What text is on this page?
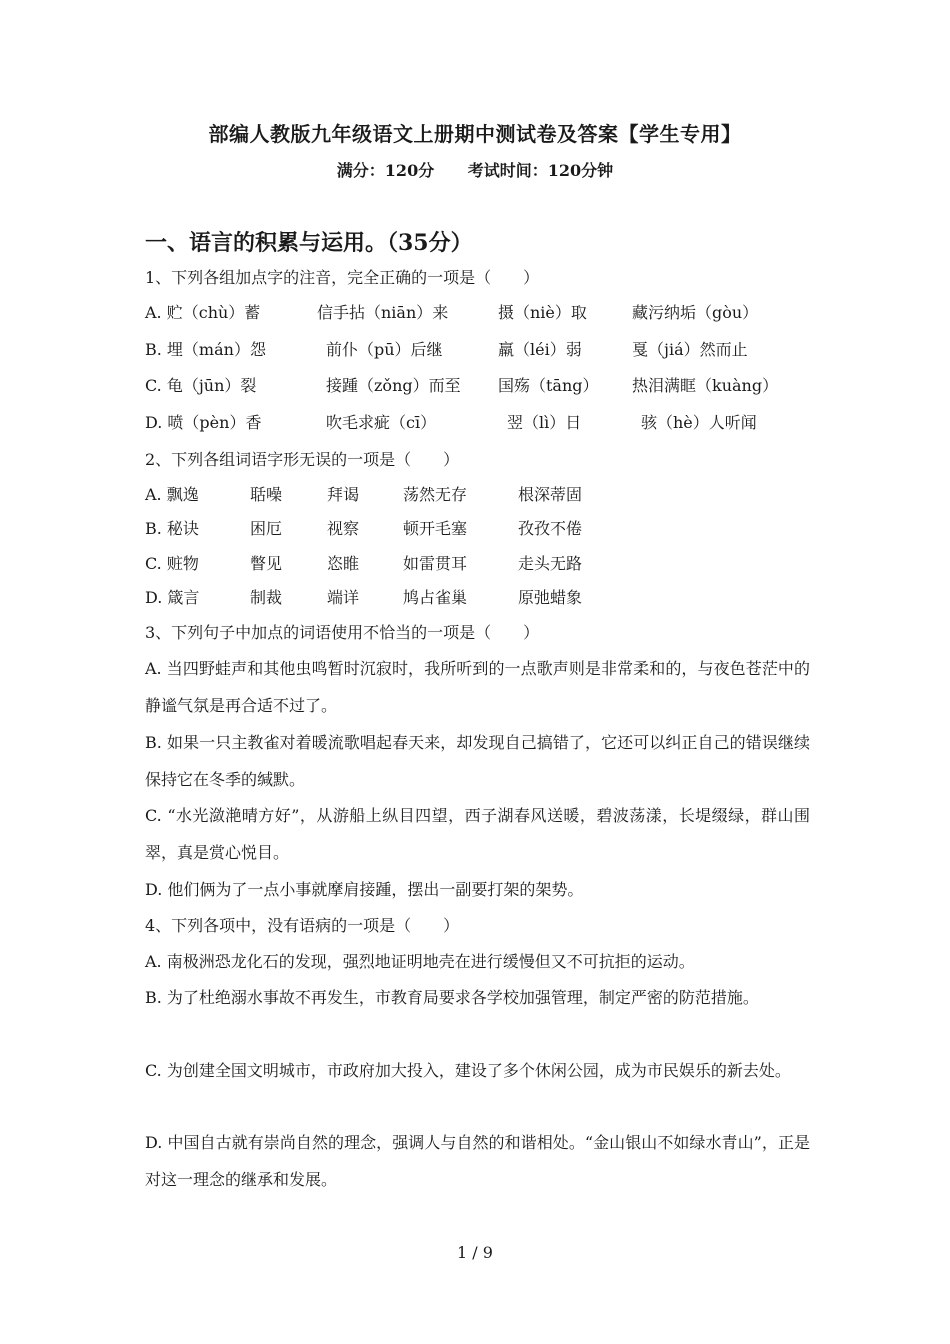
部编人教版九年级语文上册期中测试卷及答案【学生专用】
满分：120分 考试时间：120分钟
一、语言的积累与运用。（35分）
1、下列各组加点字的注音，完全正确的一项是（　　）
A. 贮（chù）蓄	信手拈（niān）来	摄（niè）取	藏污纳垢（gòu）
B. 埋（mán）怨	前仆（pū）后继	羸（léi）弱	戛（jiá）然而止
C. 龟（jūn）裂	接踵（zǒng）而至 国殇（tāng） 热泪满眶（kuàng）
D. 喷（pèn）香	吹毛求疵（cī）	翌（lì）日	骇（hè）人听闻
2、下列各组词语字形无误的一项是（　　）
A. 飘逸	聒噪	拜谒	荡然无存	根深蒂固
B. 秘诀	困厄	视察	顿开毛塞	孜孜不倦
C. 赃物	瞥见	恣睢	如雷贯耳	走头无路
D. 箴言	制裁	端详	鸠占雀巢	原弛蜡象
3、下列句子中加点的词语使用不恰当的一项是（　　）
A. 当四野蛙声和其他虫鸣暂时沉寂时，我所听到的一点歌声则是非常柔和的，与夜色苍茫中的静谧气氛是再合适不过了。
B. 如果一只主教雀对着暖流歌唱起春天来，却发现自己搞错了，它还可以纠正自己的错误继续保持它在冬季的缄默。
C. “水光潋滟晴方好”，从游船上纵目四望，西子湖春风送暖，碧波荡漾，长堤缀绿，群山围翠，真是赏心悦目。
D. 他们俩为了一点小事就摩肩接踵，摆出一副要打架的架势。
4、下列各项中，没有语病的一项是（　　）
A. 南极洲恐龙化石的发现，强烈地证明地壳在进行缓慢但又不可抗拒的运动。
B. 为了杜绝溺水事故不再发生，市教育局要求各学校加强管理，制定严密的防范措施。
C. 为创建全国文明城市，市政府加大投入，建设了多个休闲公园，成为市民娱乐的新去处。
D. 中国自古就有崇尚自然的理念，强调人与自然的和谐相处。“金山银山不如绿水青山”，正是对这一理念的继承和发展。
1 / 9
